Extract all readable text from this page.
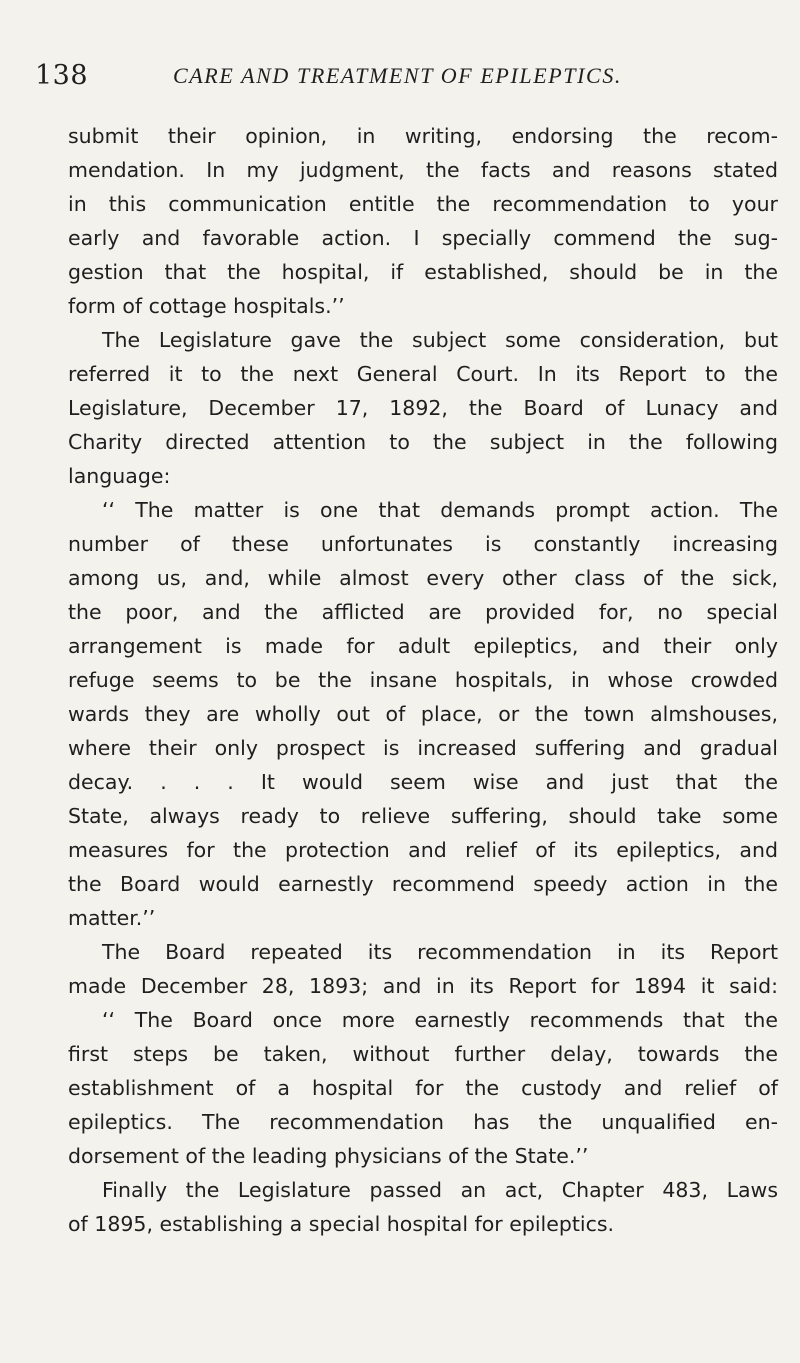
138	CARE AND TREATMENT OF EPILEPTICS.
submit their opinion, in writing, endorsing the recom-
mendation. In my judgment, the facts and reasons stated
in this communication entitle the recommendation to your
early and favorable action. I specially commend the sug-
gestion that the hospital, if established, should be in the
form of cottage hospitals.’’
The Legislature gave the subject some consideration, but
referred it to the next General Court. In its Report to the
Legislature, December 17, 1892, the Board of Lunacy and
Charity directed attention to the subject in the following
language:
‘‘ The matter is one that demands prompt action. The
number of these unfortunates is constantly increasing
among us, and, while almost every other class of the sick,
the poor, and the afflicted are provided for, no special
arrangement is made for adult epileptics, and their only
refuge seems to be the insane hospitals, in whose crowded
wards they are wholly out of place, or the town almshouses,
where their only prospect is increased suffering and gradual
decay. . . . It would seem wise and just that the
State, always ready to relieve suffering, should take some
measures for the protection and relief of its epileptics, and
the Board would earnestly recommend speedy action in the
matter.’’
The Board repeated its recommendation in its Report
made December 28, 1893; and in its Report for 1894 it said:
‘‘ The Board once more earnestly recommends that the
first steps be taken, without further delay, towards the
establishment of a hospital for the custody and relief of
epileptics. The recommendation has the unqualified en-
dorsement of the leading physicians of the State.’’
Finally the Legislature passed an act, Chapter 483, Laws
of 1895, establishing a special hospital for epileptics.
